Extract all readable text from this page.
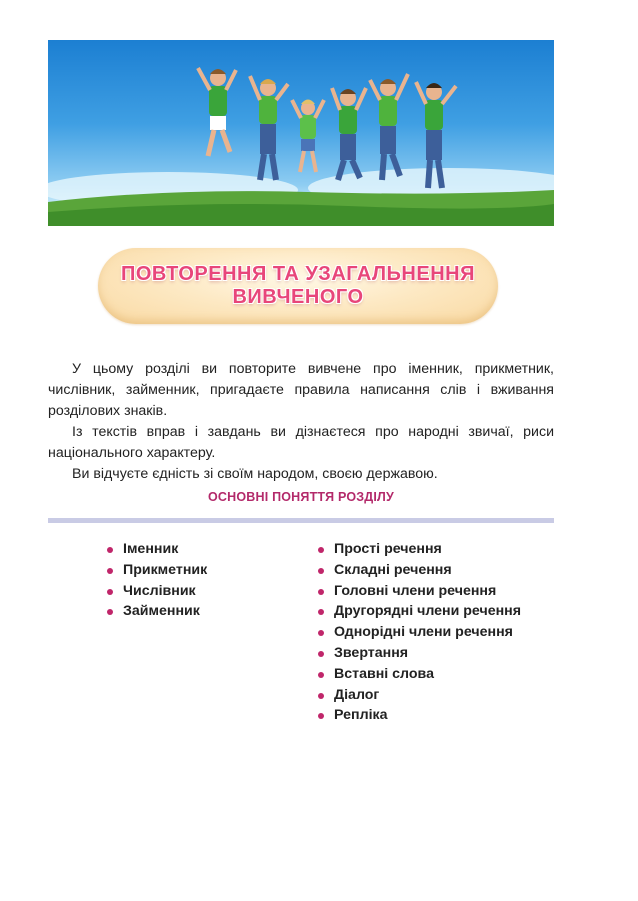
ПОВТОРЕННЯ ТА УЗАГАЛЬНЕННЯ
ВИВЧЕНОГО

У цьому розділі ви повторите вивчене про іменник, прикметник, числівник, займенник, пригадаєте правила написання слів і вживання розділових знаків.

Із текстів вправ і завдань ви дізнаєтеся про народні звичаї, риси національного характеру.

Ви відчуєте єдність зі своїм народом, своєю державою.

ОСНОВНІ ПОНЯТТЯ РОЗДІЛУ
Іменник
Прикметник
Числівник
Займенник
Прості речення
Складні речення
Головні члени речення
Другорядні члени речення
Однорідні члени речення
Звертання
Вставні слова
Діалог
Репліка
